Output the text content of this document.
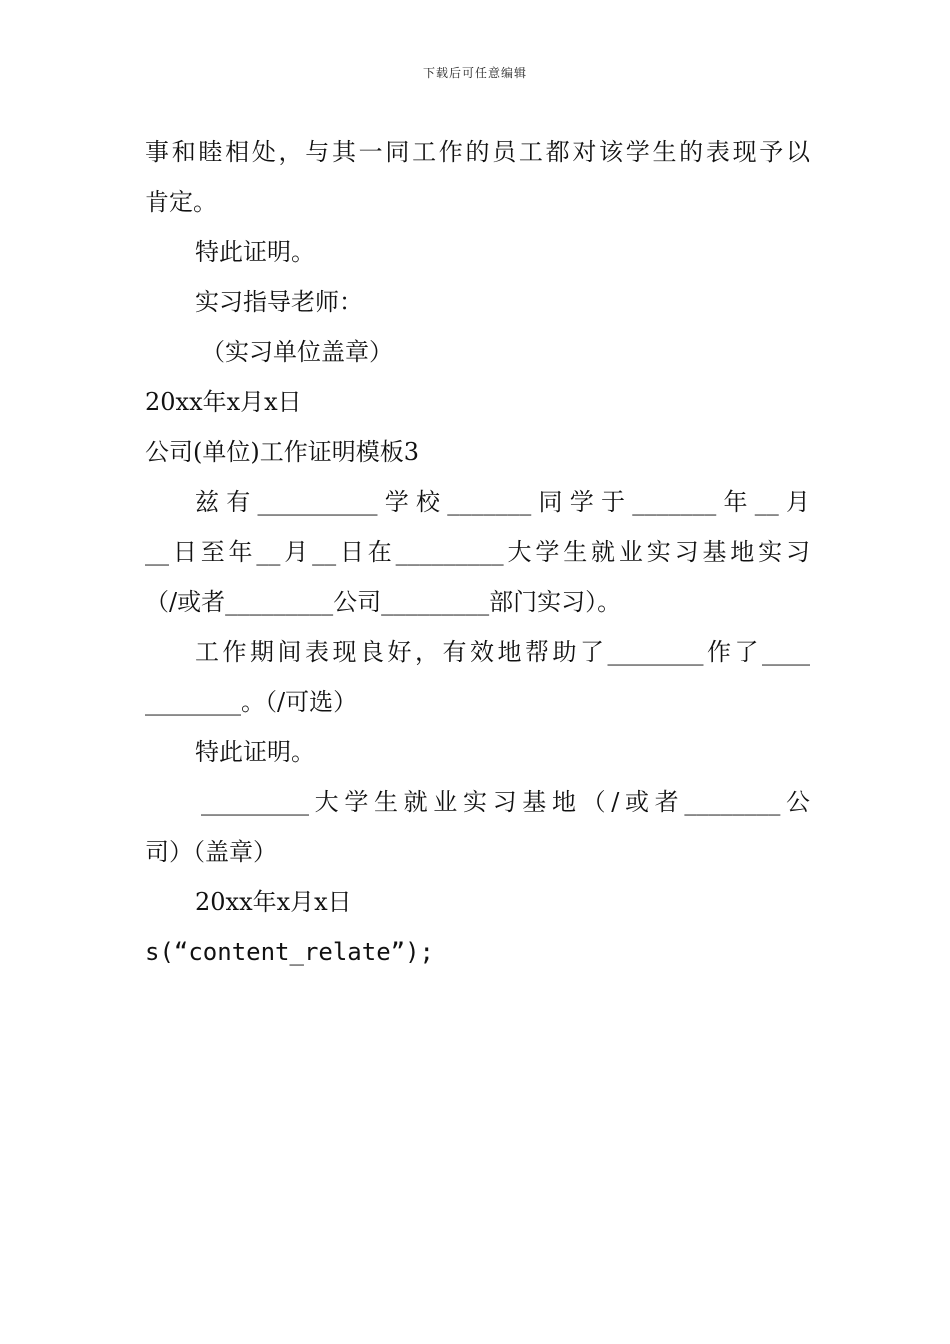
下载后可任意编辑
事和睦相处，与其一同工作的员工都对该学生的表现予以
肯定。
特此证明。
实习指导老师：
（实习单位盖章）
20xx年x月x日
公司(单位)工作证明模板3
兹有__________学校_______同学于_______年__月
__日至年__月__日在_________大学生就业实习基地实习
（/或者_________公司_________部门实习）。
工作期间表现良好，有效地帮助了________作了____
________。（/可选）
特此证明。
_________大学生就业实习基地（/或者________公
司）（盖章）
20xx年x月x日
s(“content_relate”);
